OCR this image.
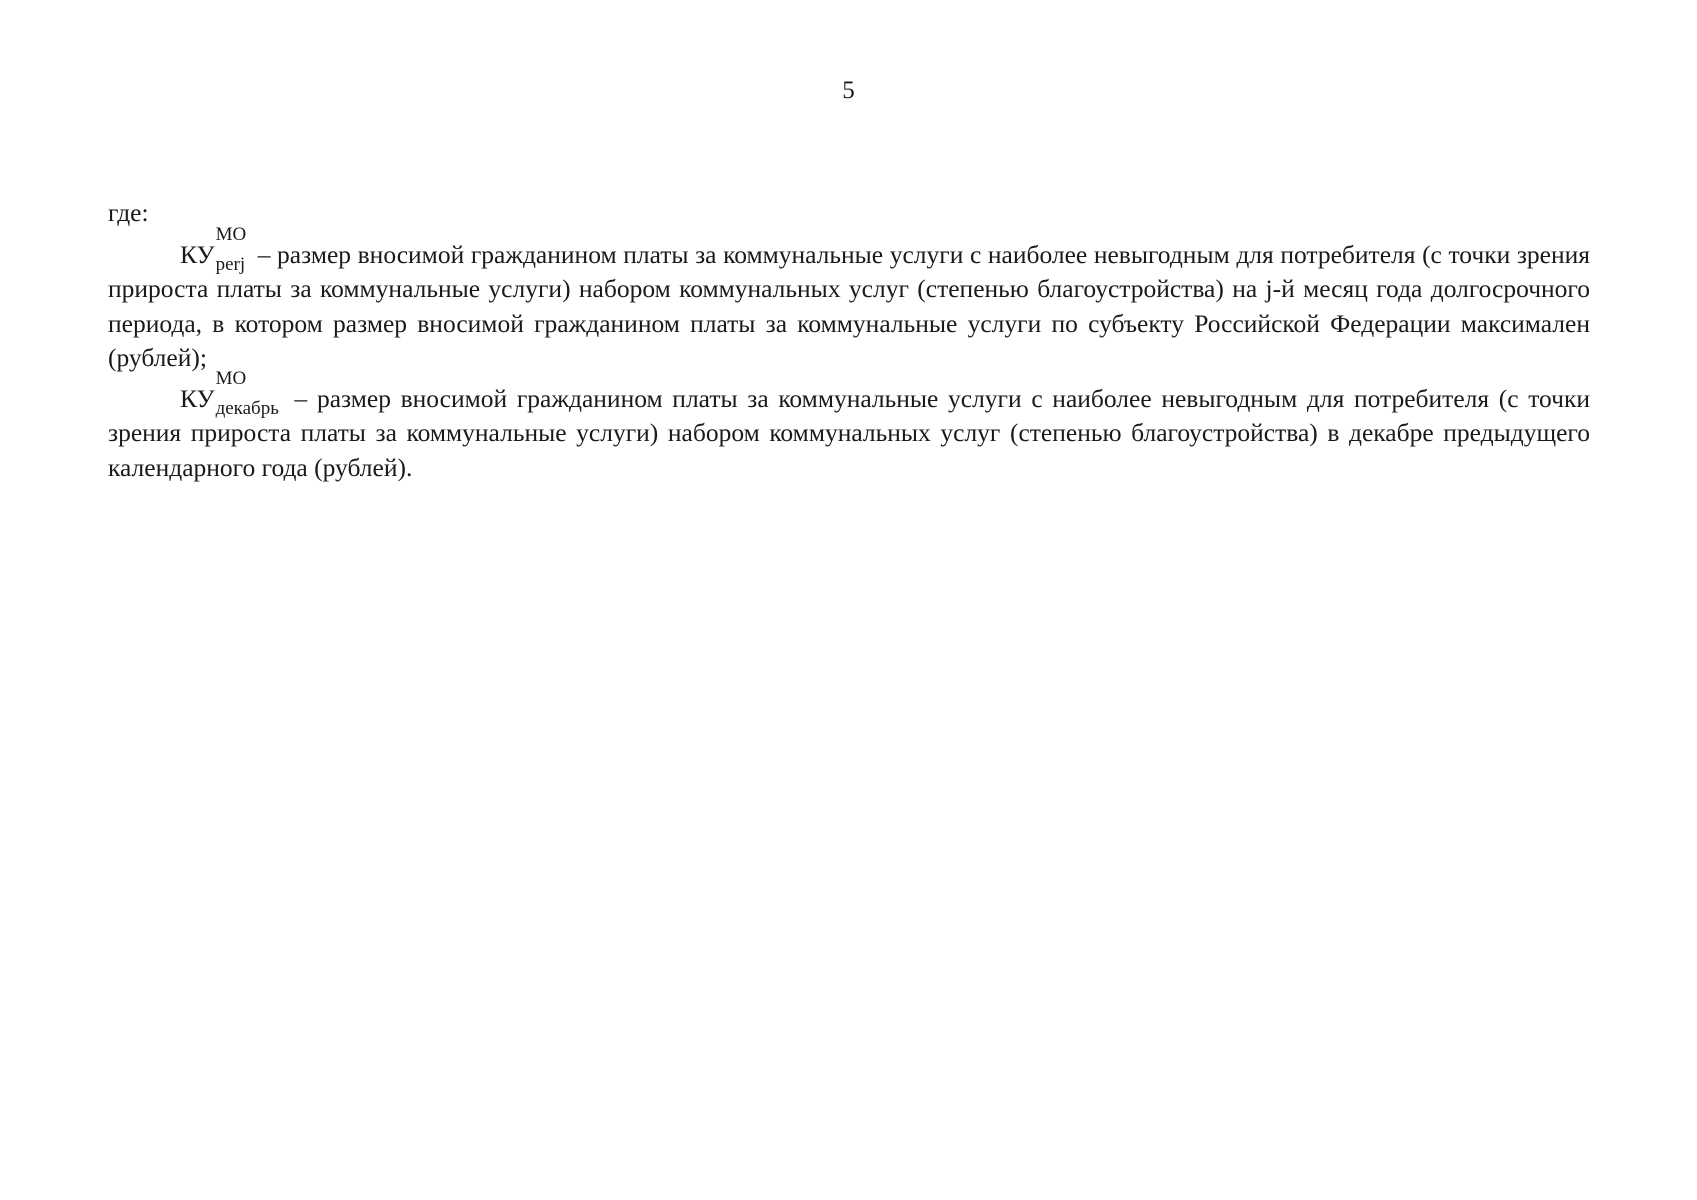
5

где:

КУ
МО
perj – размер вносимой гражданином платы за коммунальные услуги с наиболее невыгодным для потребителя (с точки зрения прироста платы за коммунальные услуги) набором коммунальных услуг (степенью благоустройства) на j-й месяц года долгосрочного периода, в котором размер вносимой гражданином платы за коммунальные услуги по субъекту Российской Федерации максимален (рублей);

КУ
МО
декабрь – размер вносимой гражданином платы за коммунальные услуги с наиболее невыгодным для потребителя (с точки зрения прироста платы за коммунальные услуги) набором коммунальных услуг (степенью благоустройства) в декабре предыдущего календарного года (рублей).
